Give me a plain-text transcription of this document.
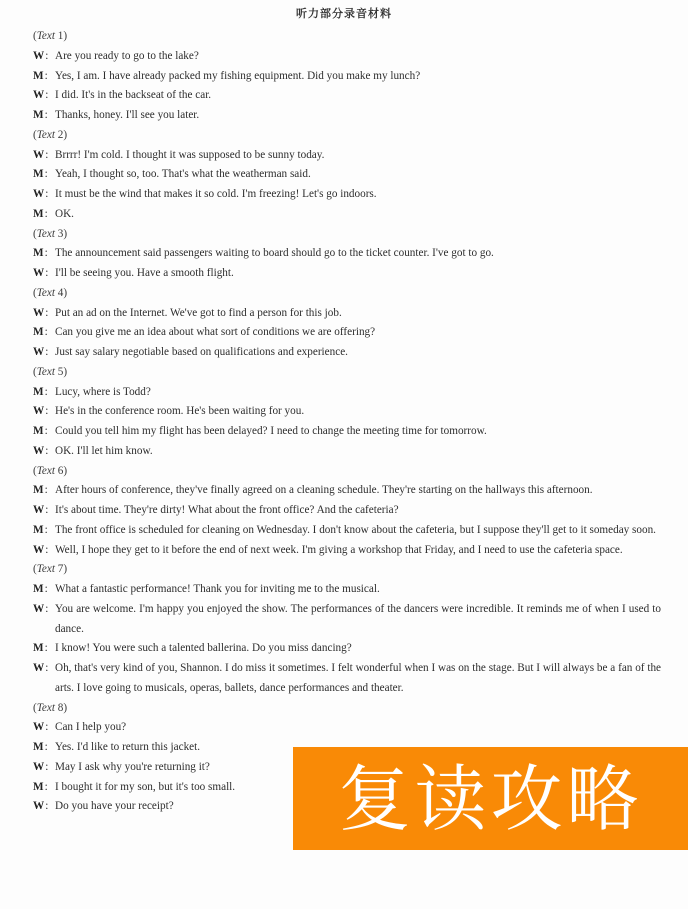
听力部分录音材料
(Text 1)
W: Are you ready to go to the lake?
M: Yes, I am. I have already packed my fishing equipment. Did you make my lunch?
W: I did. It's in the backseat of the car.
M: Thanks, honey. I'll see you later.
(Text 2)
W: Brrrr! I'm cold. I thought it was supposed to be sunny today.
M: Yeah, I thought so, too. That's what the weatherman said.
W: It must be the wind that makes it so cold. I'm freezing! Let's go indoors.
M: OK.
(Text 3)
M: The announcement said passengers waiting to board should go to the ticket counter. I've got to go.
W: I'll be seeing you. Have a smooth flight.
(Text 4)
W: Put an ad on the Internet. We've got to find a person for this job.
M: Can you give me an idea about what sort of conditions we are offering?
W: Just say salary negotiable based on qualifications and experience.
(Text 5)
M: Lucy, where is Todd?
W: He's in the conference room. He's been waiting for you.
M: Could you tell him my flight has been delayed? I need to change the meeting time for tomorrow.
W: OK. I'll let him know.
(Text 6)
M: After hours of conference, they've finally agreed on a cleaning schedule. They're starting on the hallways this afternoon.
W: It's about time. They're dirty! What about the front office? And the cafeteria?
M: The front office is scheduled for cleaning on Wednesday. I don't know about the cafeteria, but I suppose they'll get to it someday soon.
W: Well, I hope they get to it before the end of next week. I'm giving a workshop that Friday, and I need to use the cafeteria space.
(Text 7)
M: What a fantastic performance! Thank you for inviting me to the musical.
W: You are welcome. I'm happy you enjoyed the show. The performances of the dancers were incredible. It reminds me of when I used to dance.
M: I know! You were such a talented ballerina. Do you miss dancing?
W: Oh, that's very kind of you, Shannon. I do miss it sometimes. I felt wonderful when I was on the stage. But I will always be a fan of the arts. I love going to musicals, operas, ballets, dance performances and theater.
(Text 8)
W: Can I help you?
M: Yes. I'd like to return this jacket.
W: May I ask why you're returning it?
M: I bought it for my son, but it's too small.
W: Do you have your receipt?	复读攻略
